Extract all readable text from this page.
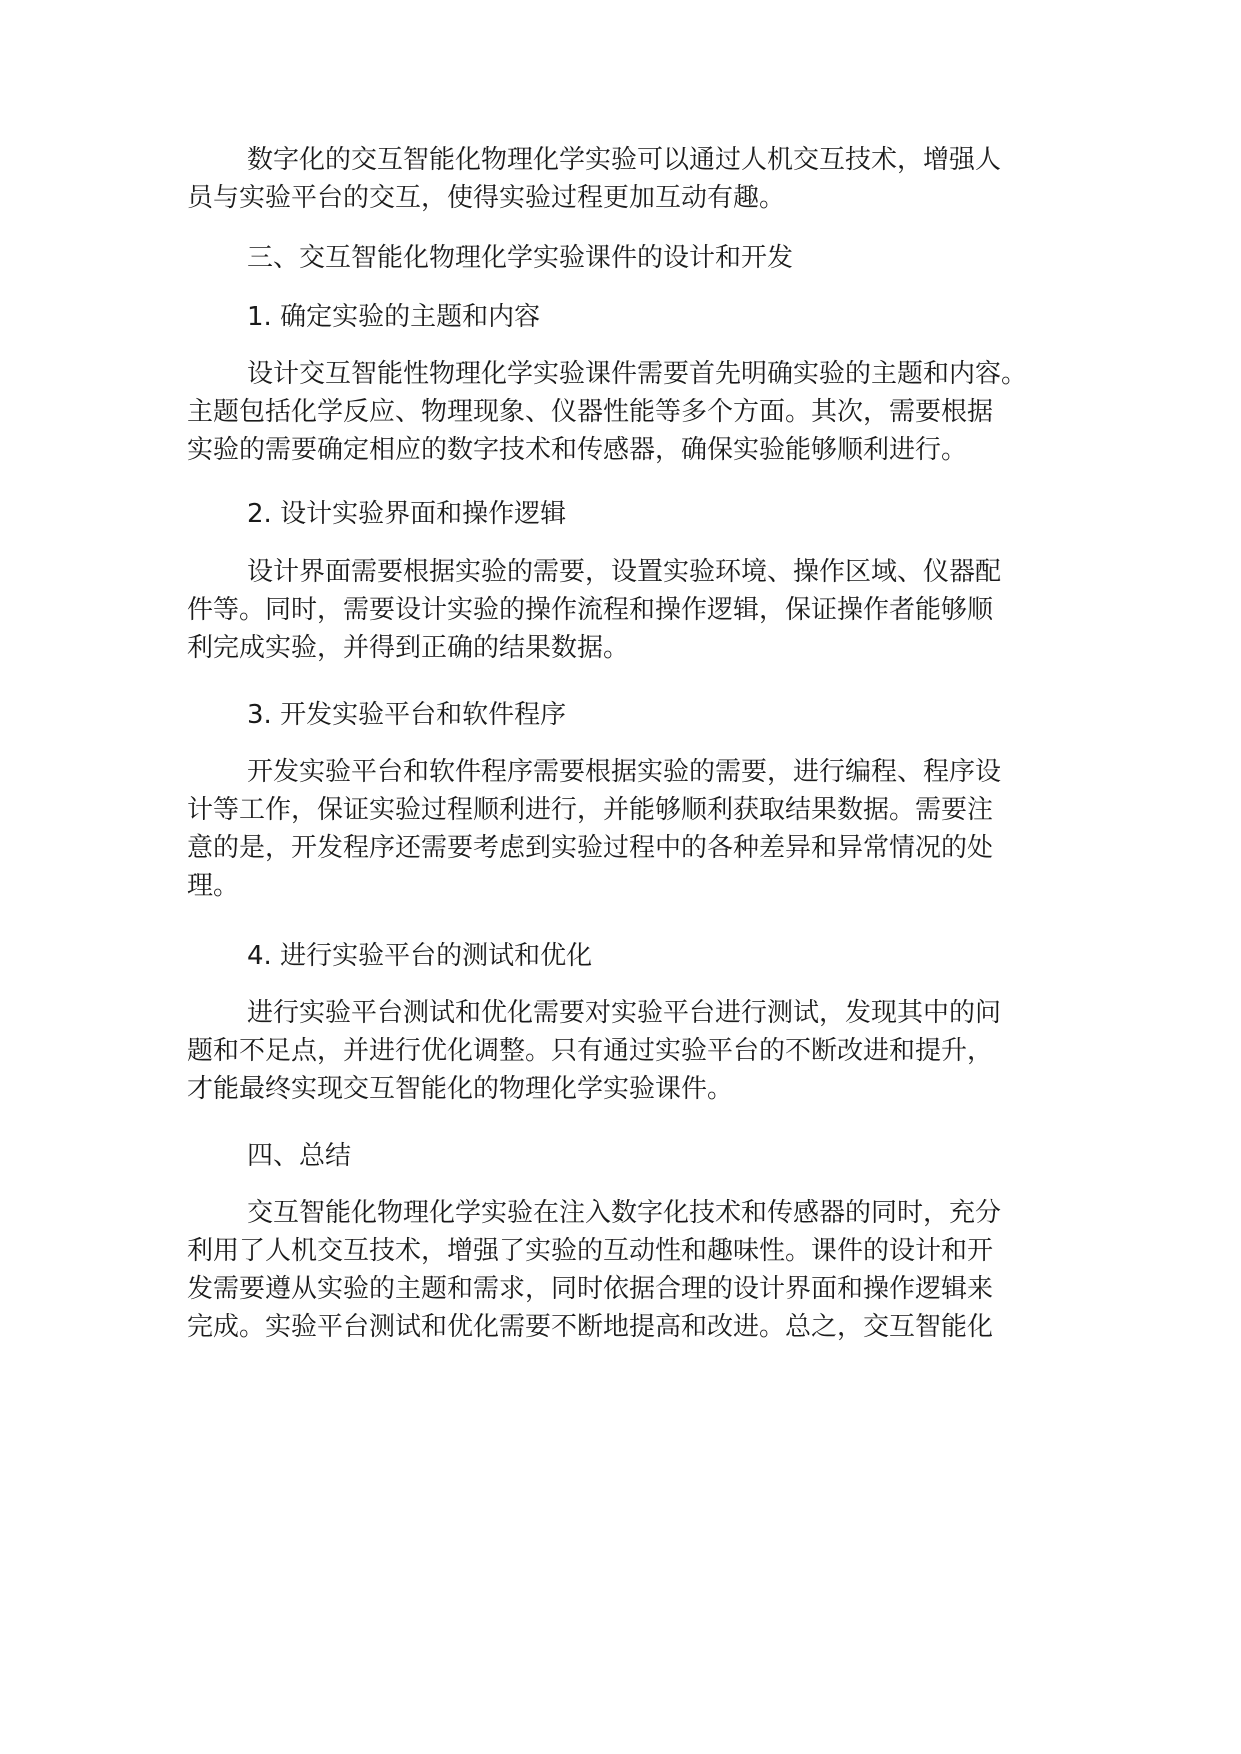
数字化的交互智能化物理化学实验可以通过人机交互技术，增强人
员与实验平台的交互，使得实验过程更加互动有趣。
三、交互智能化物理化学实验课件的设计和开发
1. 确定实验的主题和内容
设计交互智能性物理化学实验课件需要首先明确实验的主题和内容。
主题包括化学反应、物理现象、仪器性能等多个方面。其次，需要根据
实验的需要确定相应的数字技术和传感器，确保实验能够顺利进行。
2. 设计实验界面和操作逻辑
设计界面需要根据实验的需要，设置实验环境、操作区域、仪器配
件等。同时，需要设计实验的操作流程和操作逻辑，保证操作者能够顺
利完成实验，并得到正确的结果数据。
3. 开发实验平台和软件程序
开发实验平台和软件程序需要根据实验的需要，进行编程、程序设
计等工作，保证实验过程顺利进行，并能够顺利获取结果数据。需要注
意的是，开发程序还需要考虑到实验过程中的各种差异和异常情况的处
理。
4. 进行实验平台的测试和优化
进行实验平台测试和优化需要对实验平台进行测试，发现其中的问
题和不足点，并进行优化调整。只有通过实验平台的不断改进和提升，
才能最终实现交互智能化的物理化学实验课件。
四、总结
交互智能化物理化学实验在注入数字化技术和传感器的同时，充分
利用了人机交互技术，增强了实验的互动性和趣味性。课件的设计和开
发需要遵从实验的主题和需求，同时依据合理的设计界面和操作逻辑来
完成。实验平台测试和优化需要不断地提高和改进。总之，交互智能化
